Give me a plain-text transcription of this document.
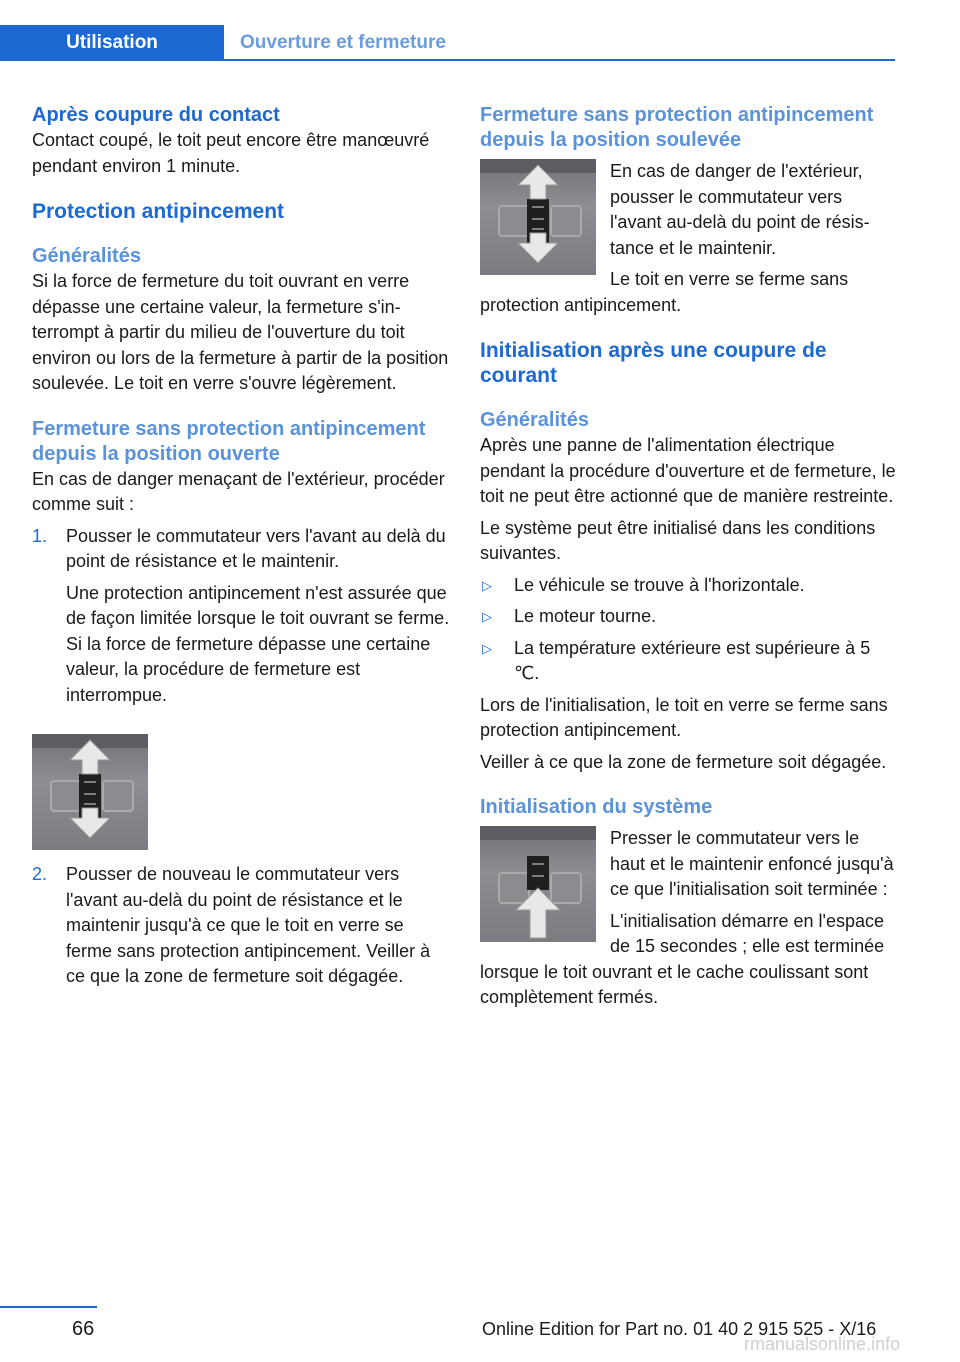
Utilisation	Ouverture et fermeture
Après coupure du contact

Contact coupé, le toit peut encore être manœuvré pendant environ 1 minute.

Protection antipincement
Généralités

Si la force de fermeture du toit ouvrant en verre dépasse une certaine valeur, la fermeture s'interrompt à partir du milieu de l'ouverture du toit environ ou lors de la fermeture à partir de la position soulevée. Le toit en verre s'ouvre légèrement.

Fermeture sans protection antipincement depuis la position ouverte

En cas de danger menaçant de l'extérieur, procéder comme suit :

1. Pousser le commutateur vers l'avant au delà du point de résistance et le maintenir.
Une protection antipincement n'est assurée que de façon limitée lorsque le toit ouvrant se ferme. Si la force de fermeture dépasse une certaine valeur, la procédure de fermeture est interrompue.
2. Pousser de nouveau le commutateur vers l'avant au-delà du point de résistance et le maintenir jusqu'à ce que le toit en verre se ferme sans protection antipincement. Veiller à ce que la zone de fermeture soit dégagée.
Fermeture sans protection antipincement depuis la position soulevée

En cas de danger de l'extérieur, pousser le commutateur vers l'avant au-delà du point de résistance et le maintenir.

Le toit en verre se ferme sans protection antipincement.

Initialisation après une coupure de courant
Généralités

Après une panne de l'alimentation électrique pendant la procédure d'ouverture et de fermeture, le toit ne peut être actionné que de manière restreinte.

Le système peut être initialisé dans les conditions suivantes.

▷ Le véhicule se trouve à l'horizontale.
▷ Le moteur tourne.
▷ La température extérieure est supérieure à 5 ℃.

Lors de l'initialisation, le toit en verre se ferme sans protection antipincement.

Veiller à ce que la zone de fermeture soit dégagée.

Initialisation du système

Presser le commutateur vers le haut et le maintenir enfoncé jusqu'à ce que l'initialisation soit terminée :

L'initialisation démarre en l'espace de 15 secondes ; elle est terminée lorsque le toit ouvrant et le cache coulissant sont complètement fermés.

66	Online Edition for Part no. 01 40 2 915 525 - X/16
rmanualsonline.info
